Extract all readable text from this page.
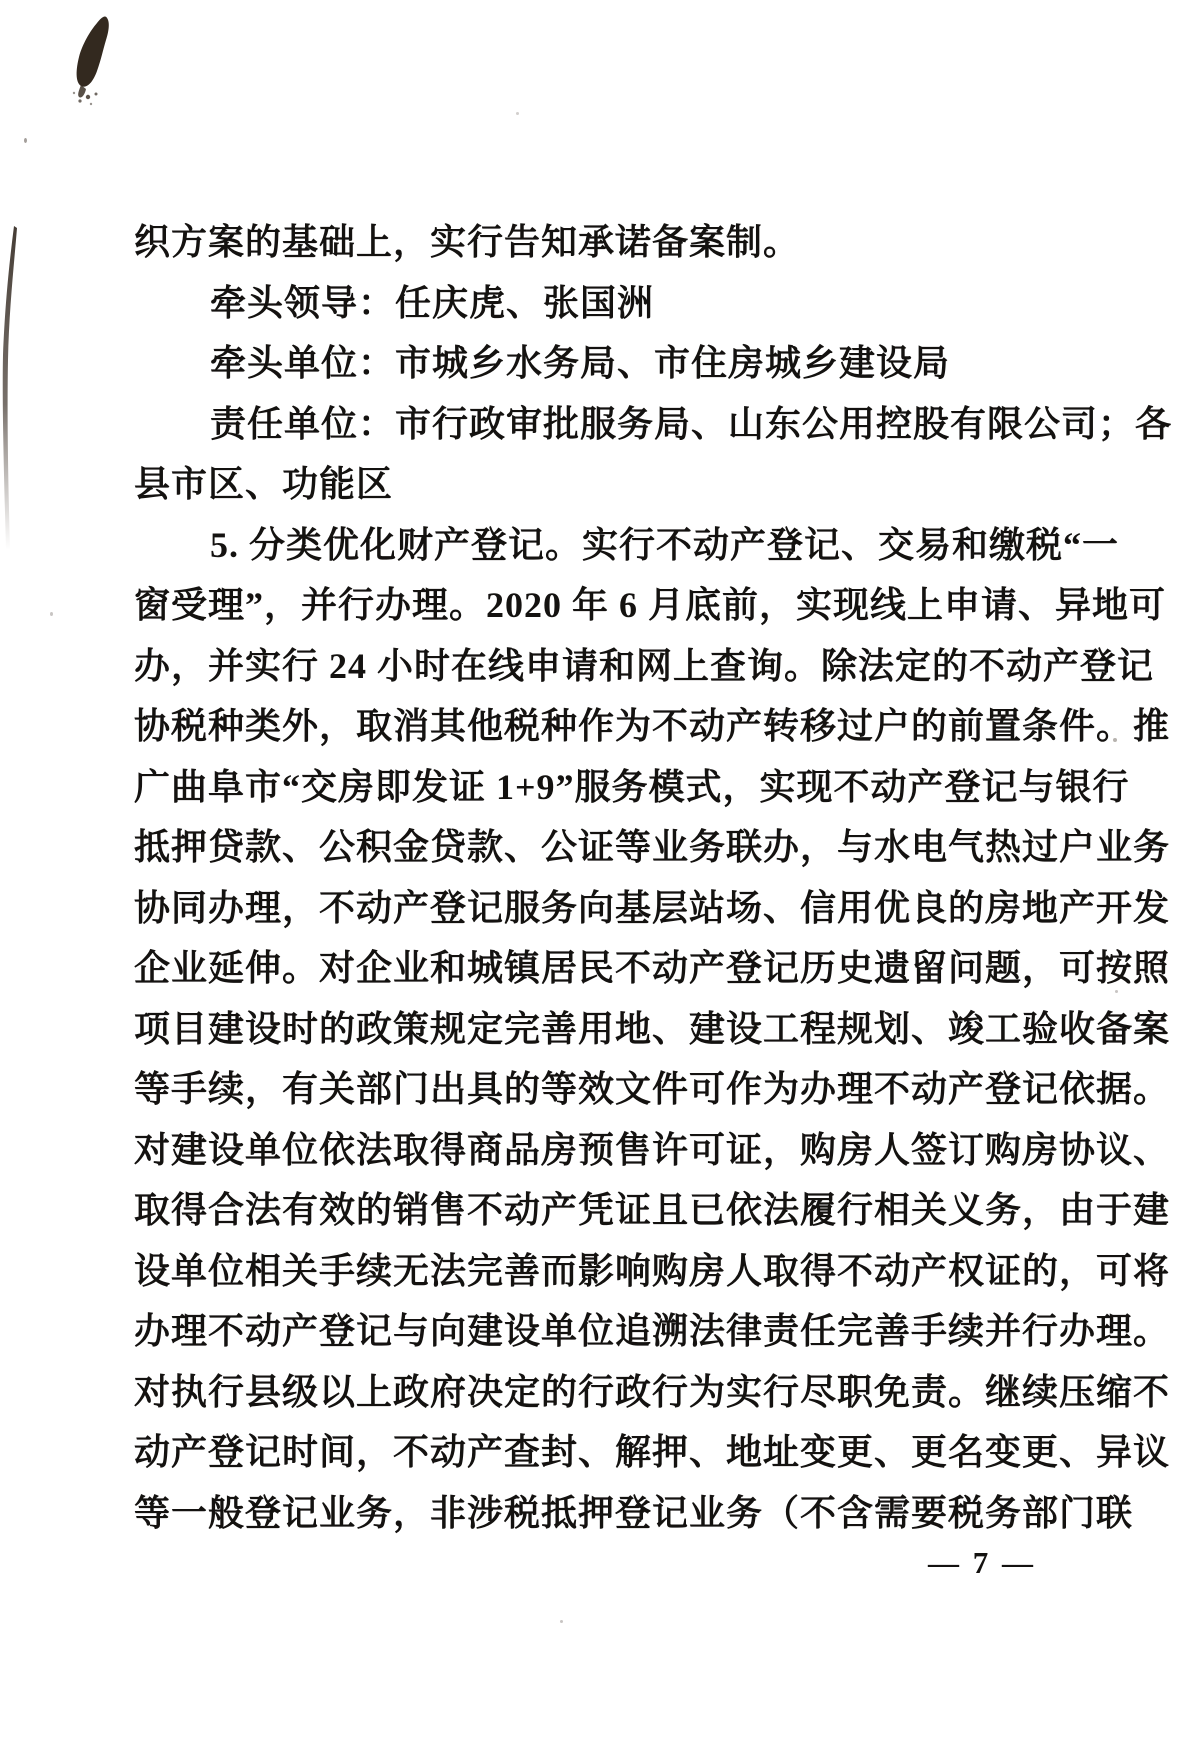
织方案的基础上，实行告知承诺备案制。
牵头领导：任庆虎、张国洲
牵头单位：市城乡水务局、市住房城乡建设局
责任单位：市行政审批服务局、山东公用控股有限公司；各
县市区、功能区
5. 分类优化财产登记。实行不动产登记、交易和缴税“一
窗受理”，并行办理。2020 年 6 月底前，实现线上申请、异地可
办，并实行 24 小时在线申请和网上查询。除法定的不动产登记
协税种类外，取消其他税种作为不动产转移过户的前置条件。推
广曲阜市“交房即发证 1+9”服务模式，实现不动产登记与银行
抵押贷款、公积金贷款、公证等业务联办，与水电气热过户业务
协同办理，不动产登记服务向基层站场、信用优良的房地产开发
企业延伸。对企业和城镇居民不动产登记历史遗留问题，可按照
项目建设时的政策规定完善用地、建设工程规划、竣工验收备案
等手续，有关部门出具的等效文件可作为办理不动产登记依据。
对建设单位依法取得商品房预售许可证，购房人签订购房协议、
取得合法有效的销售不动产凭证且已依法履行相关义务，由于建
设单位相关手续无法完善而影响购房人取得不动产权证的，可将
办理不动产登记与向建设单位追溯法律责任完善手续并行办理。
对执行县级以上政府决定的行政行为实行尽职免责。继续压缩不
动产登记时间，不动产查封、解押、地址变更、更名变更、异议
等一般登记业务，非涉税抵押登记业务（不含需要税务部门联
— 7 —
